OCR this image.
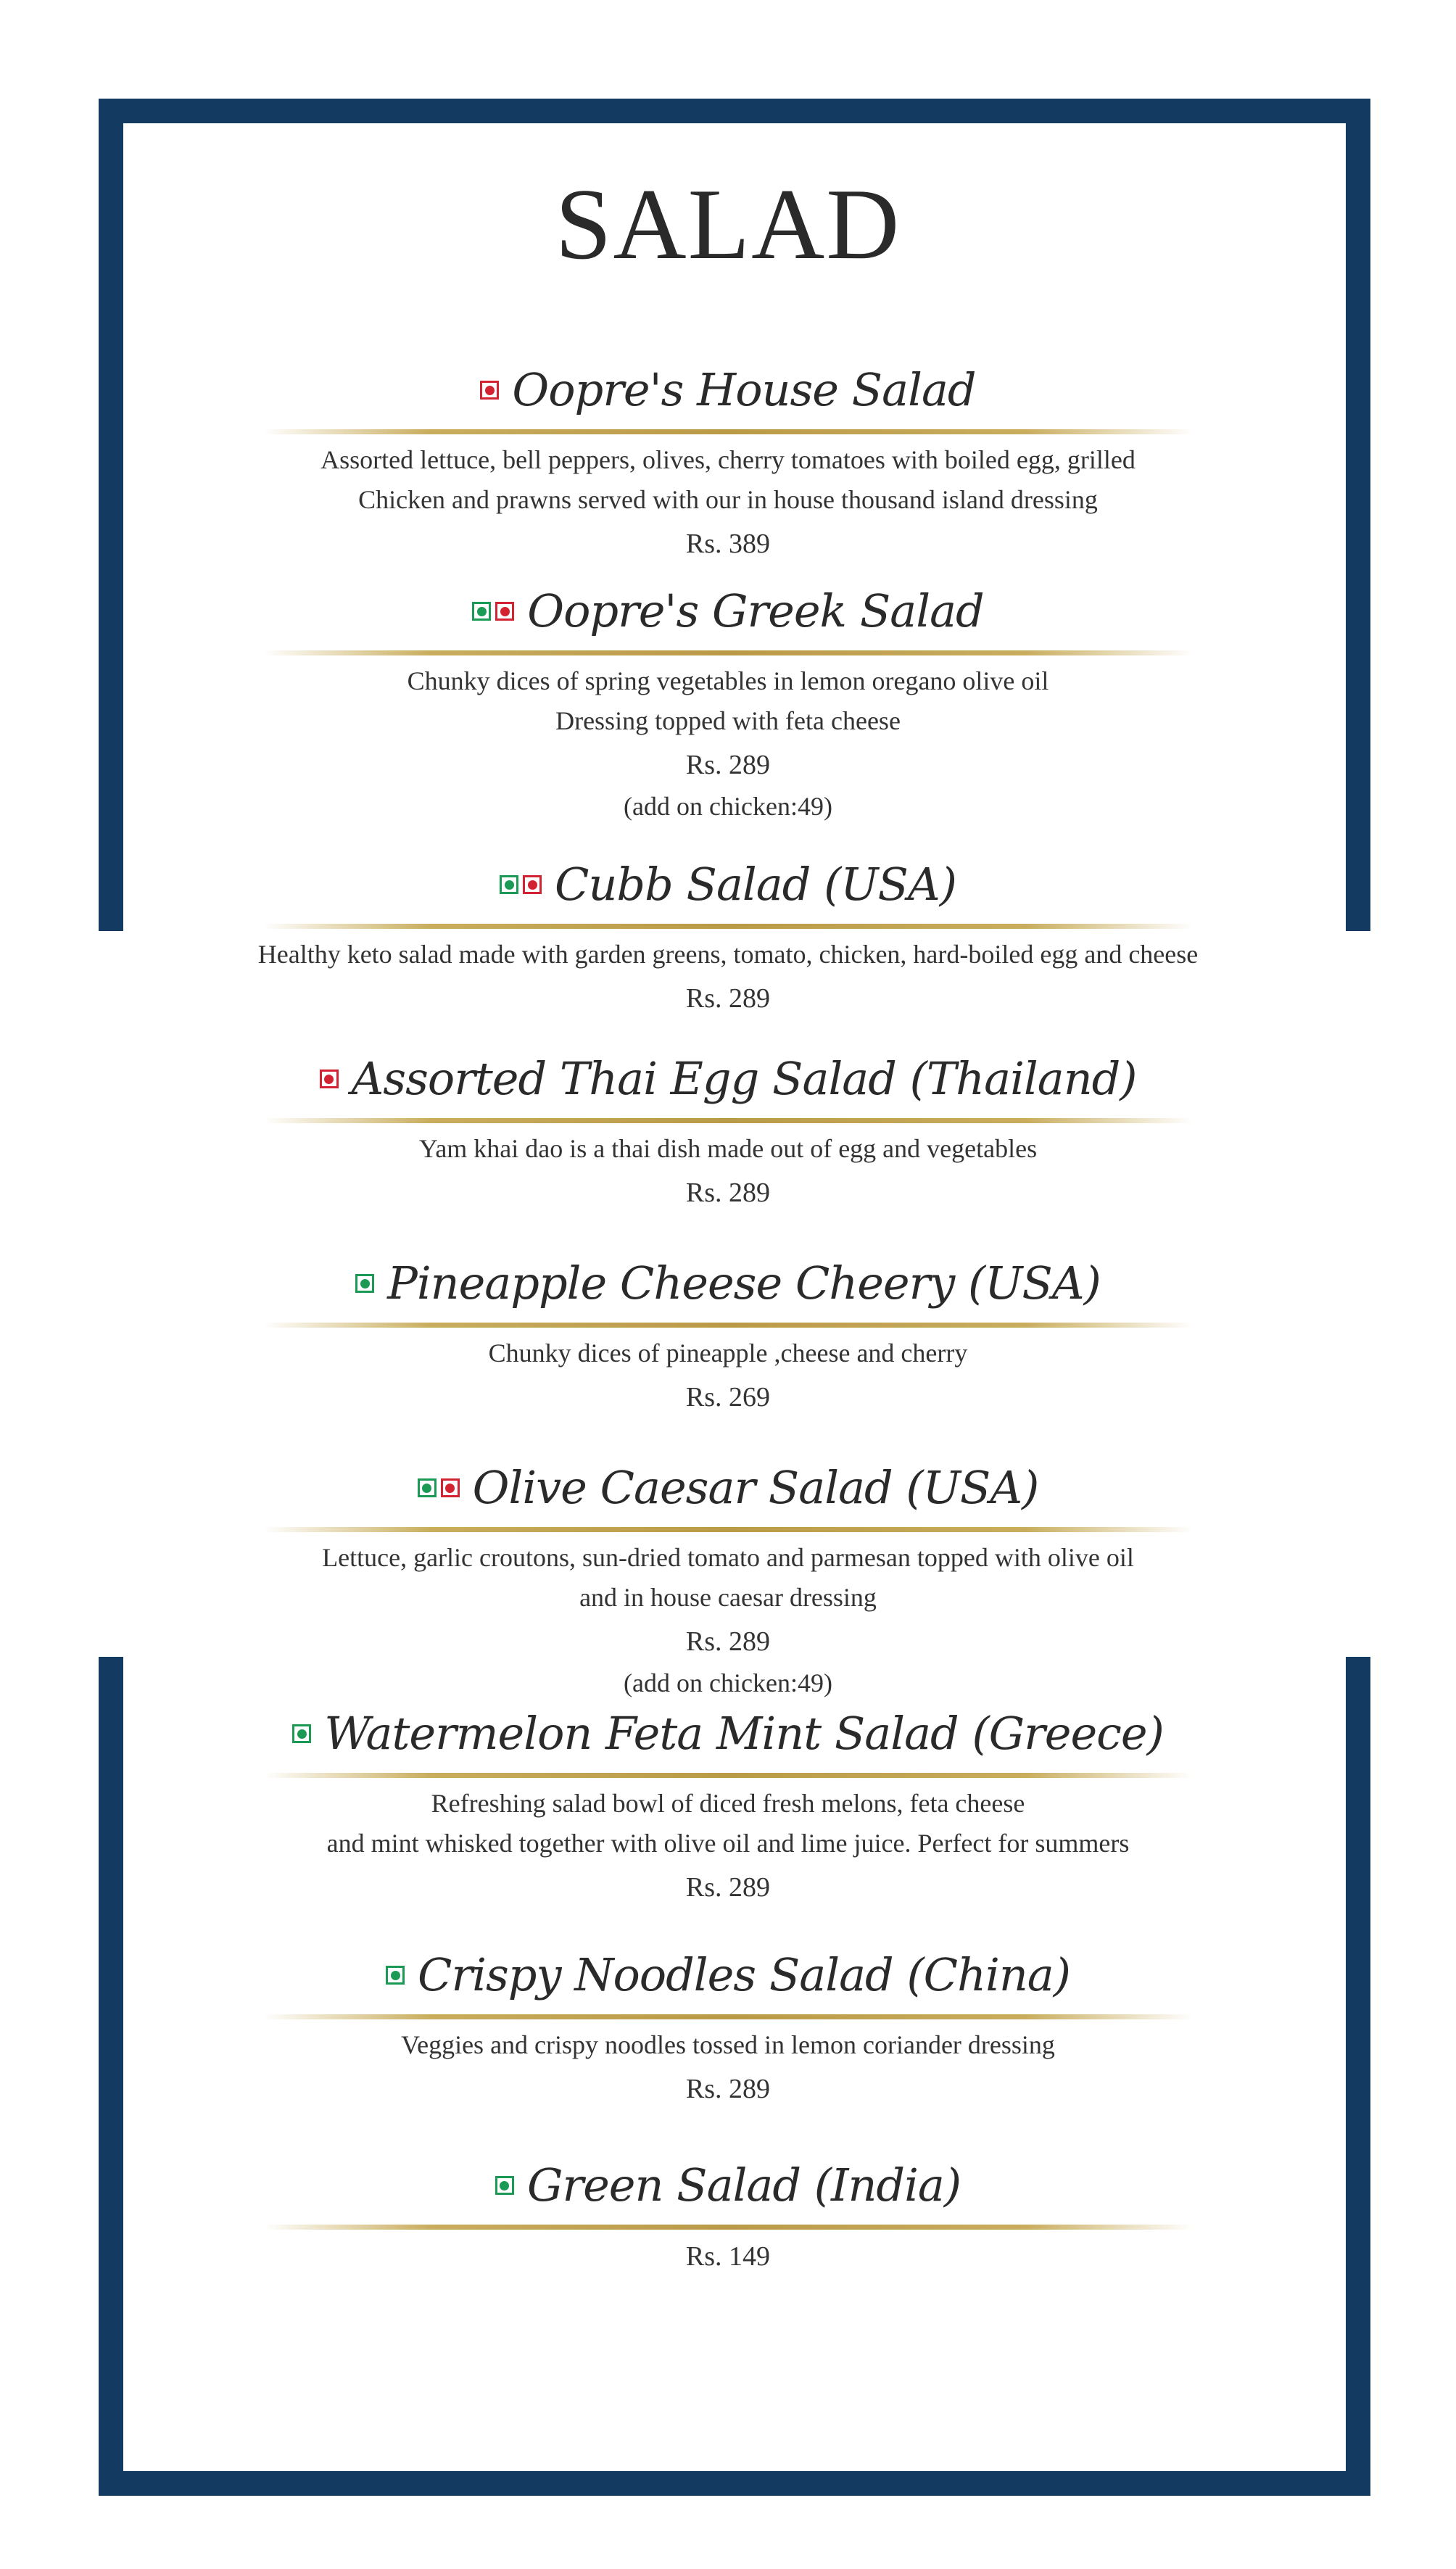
SALAD
Oopre's House Salad
Assorted lettuce, bell peppers, olives, cherry tomatoes with boiled egg, grilled
Chicken and prawns served with our in house thousand island dressing
Rs. 389
Oopre's Greek Salad
Chunky dices of spring vegetables in lemon oregano olive oil
Dressing topped with feta cheese
Rs. 289
(add on chicken:49)
Cubb Salad (USA)
Healthy keto salad made with garden greens, tomato, chicken, hard-boiled egg and cheese
Rs. 289
Assorted Thai Egg Salad (Thailand)
Yam khai dao is a thai dish made out of egg and vegetables
Rs. 289
Pineapple Cheese Cheery (USA)
Chunky dices of pineapple ,cheese and cherry
Rs. 269
Olive Caesar Salad (USA)
Lettuce, garlic croutons, sun-dried tomato and parmesan topped with olive oil
and in house caesar dressing
Rs. 289
(add on chicken:49)
Watermelon Feta Mint Salad (Greece)
Refreshing salad bowl of diced fresh melons, feta cheese
and mint whisked together with olive oil and lime juice. Perfect for summers
Rs. 289
Crispy Noodles Salad (China)
Veggies and crispy noodles tossed in lemon coriander dressing
Rs. 289
Green Salad (India)
Rs. 149
